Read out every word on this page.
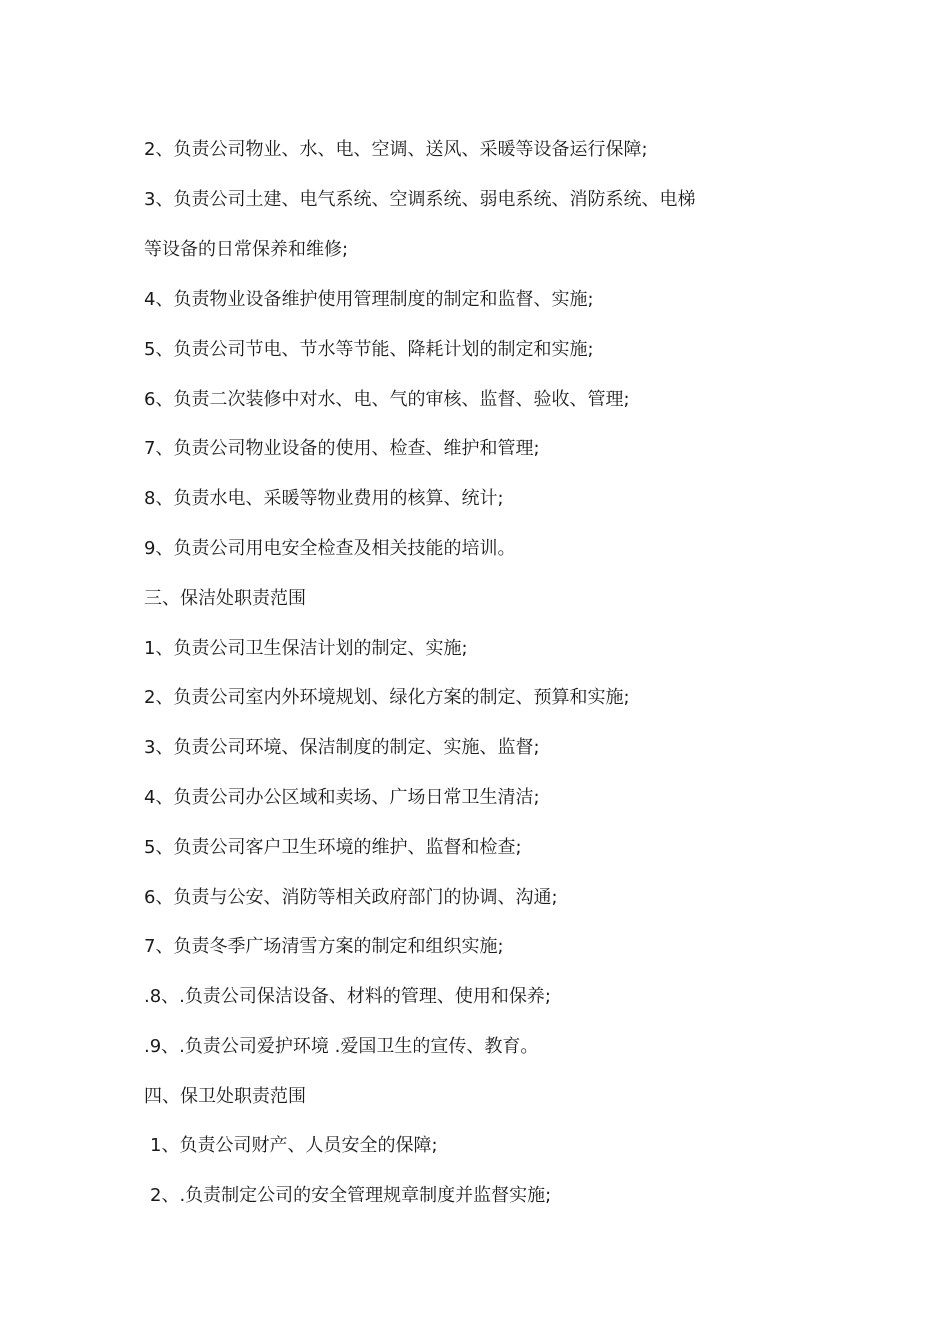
2、负责公司物业、水、电、空调、送风、采暖等设备运行保障;
3、负责公司土建、电气系统、空调系统、弱电系统、消防系统、电梯
等设备的日常保养和维修;
4、负责物业设备维护使用管理制度的制定和监督、实施;
5、负责公司节电、节水等节能、降耗计划的制定和实施;
6、负责二次装修中对水、电、气的审核、监督、验收、管理;
7、负责公司物业设备的使用、检查、维护和管理;
8、负责水电、采暖等物业费用的核算、统计;
9、负责公司用电安全检查及相关技能的培训。
三、保洁处职责范围
1、负责公司卫生保洁计划的制定、实施;
2、负责公司室内外环境规划、绿化方案的制定、预算和实施;
3、负责公司环境、保洁制度的制定、实施、监督;
4、负责公司办公区域和卖场、广场日常卫生清洁;
5、负责公司客户卫生环境的维护、监督和检查;
6、负责与公安、消防等相关政府部门的协调、沟通;
7、负责冬季广场清雪方案的制定和组织实施;
.8、.负责公司保洁设备、材料的管理、使用和保养;
.9、.负责公司爱护环境 .爱国卫生的宣传、教育。
四、保卫处职责范围
1、负责公司财产、人员安全的保障;
2、.负责制定公司的安全管理规章制度并监督实施;
